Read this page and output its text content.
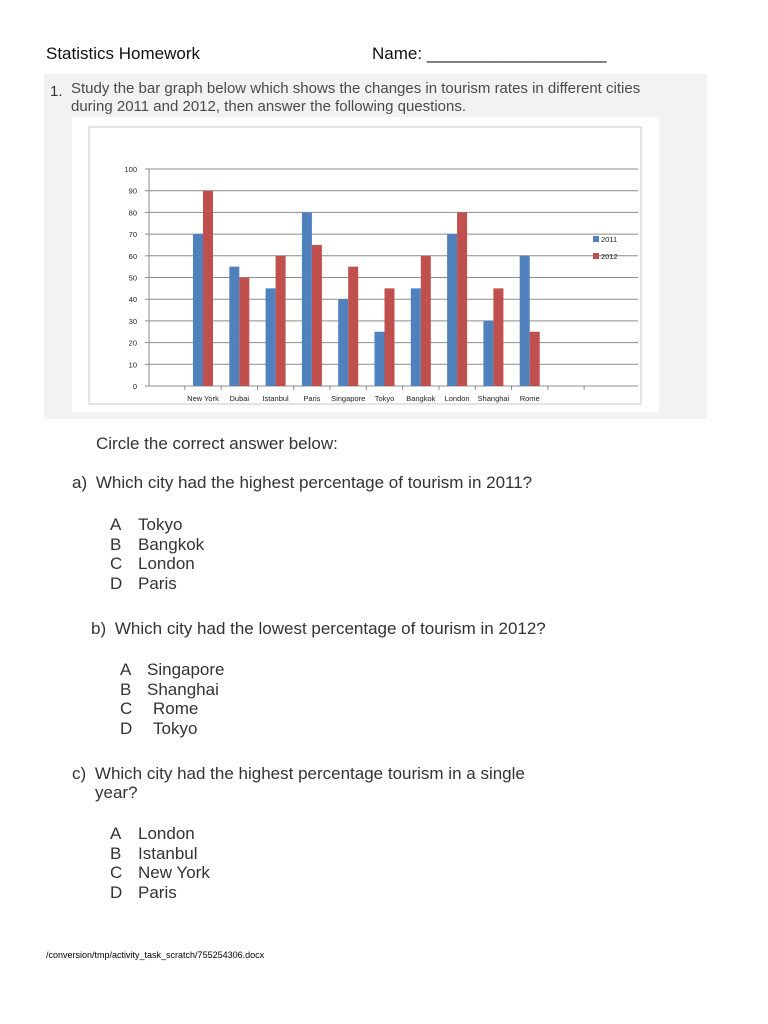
Statistics Homework	Name: ___________________
1. Study the bar graph below which shows the changes in tourism rates in different cities
during 2011 and 2012, then answer the following questions.
0
10
20
30
40
50
60
70
80
90
100
New York Dubai Istanbul Paris Singapore Tokyo Bangkok London Shanghai Rome
2011
2012
Circle the correct answer below:
a) Which city had the highest percentage of tourism in 2011?
A Tokyo
B Bangkok
C London
D Paris
b) Which city had the lowest percentage of tourism in 2012?
A Singapore
B Shanghai
C Rome
D Tokyo
c) Which city had the highest percentage tourism in a single
year?
A London
B Istanbul
C New York
D Paris
/conversion/tmp/activity_task_scratch/755254306.docx
